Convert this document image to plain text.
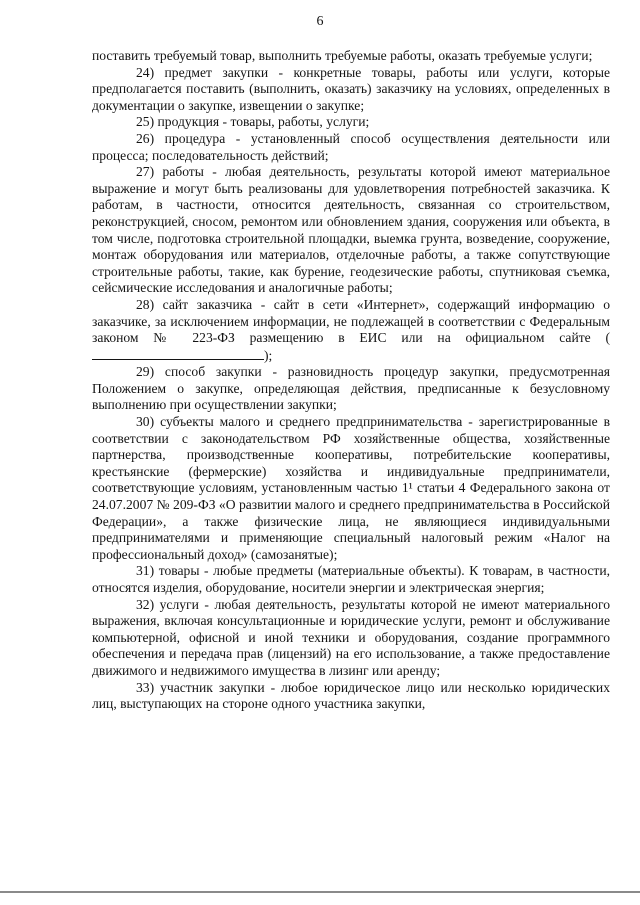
6

поставить требуемый товар, выполнить требуемые работы, оказать требуемые услуги;

24) предмет закупки - конкретные товары, работы или услуги, которые предполагается поставить (выполнить, оказать) заказчику на условиях, определенных в документации о закупке, извещении о закупке;

25) продукция - товары, работы, услуги;

26) процедура - установленный способ осуществления деятельности или процесса; последовательность действий;

27) работы - любая деятельность, результаты которой имеют материальное выражение и могут быть реализованы для удовлетворения потребностей заказчика. К работам, в частности, относится деятельность, связанная со строительством, реконструкцией, сносом, ремонтом или обновлением здания, сооружения или объекта, в том числе, подготовка строительной площадки, выемка грунта, возведение, сооружение, монтаж оборудования или материалов, отделочные работы, а также сопутствующие строительные работы, такие, как бурение, геодезические работы, спутниковая съемка, сейсмические исследования и аналогичные работы;

28) сайт заказчика - сайт в сети «Интернет», содержащий информацию о заказчике, за исключением информации, не подлежащей в соответствии с Федеральным законом № 223-ФЗ размещению в ЕИС или на официальном сайте ();

29) способ закупки - разновидность процедур закупки, предусмотренная Положением о закупке, определяющая действия, предписанные к безусловному выполнению при осуществлении закупки;

30) субъекты малого и среднего предпринимательства - зарегистрированные в соответствии с законодательством РФ хозяйственные общества, хозяйственные партнерства, производственные кооперативы, потребительские кооперативы, крестьянские (фермерские) хозяйства и индивидуальные предприниматели, соответствующие условиям, установленным частью 1¹ статьи 4 Федерального закона от 24.07.2007 № 209-ФЗ «О развитии малого и среднего предпринимательства в Российской Федерации», а также физические лица, не являющиеся индивидуальными предпринимателями и применяющие специальный налоговый режим «Налог на профессиональный доход» (самозанятые);

31) товары - любые предметы (материальные объекты). К товарам, в частности, относятся изделия, оборудование, носители энергии и электрическая энергия;

32) услуги - любая деятельность, результаты которой не имеют материального выражения, включая консультационные и юридические услуги, ремонт и обслуживание компьютерной, офисной и иной техники и оборудования, создание программного обеспечения и передача прав (лицензий) на его использование, а также предоставление движимого и недвижимого имущества в лизинг или аренду;

33) участник закупки - любое юридическое лицо или несколько юридических лиц, выступающих на стороне одного участника закупки,
